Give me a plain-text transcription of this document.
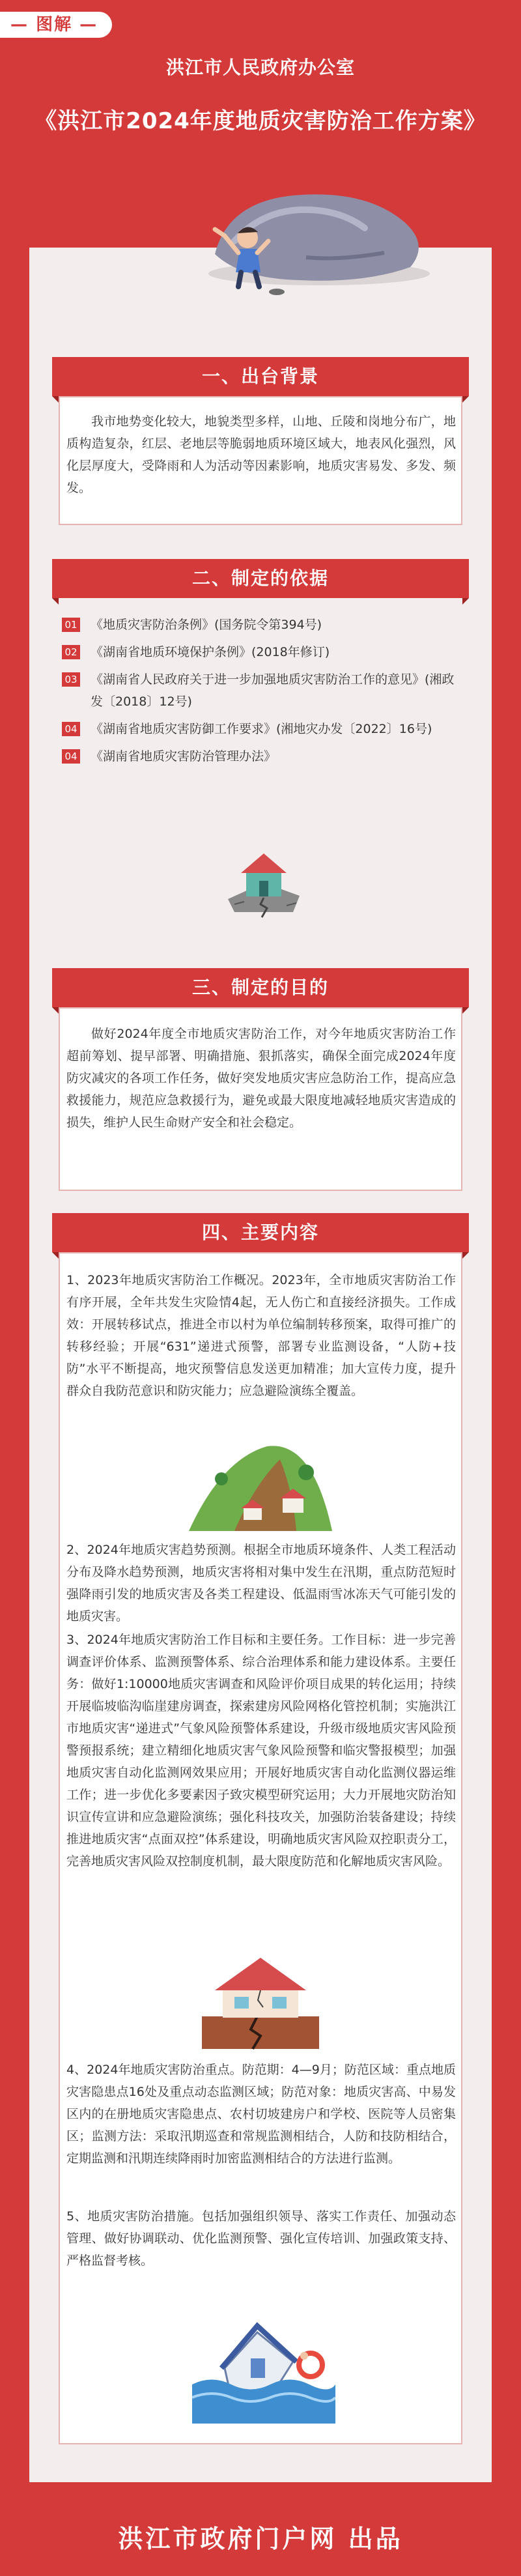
— 图解 —
洪江市人民政府办公室
《洪江市2024年度地质灾害防治工作方案》
一、出台背景
我市地势变化较大，地貌类型多样，山地、丘陵和岗地分布广，地质构造复杂，红层、老地层等脆弱地质环境区域大，地表风化强烈，风化层厚度大，受降雨和人为活动等因素影响，地质灾害易发、多发、频发。
二、制定的依据
01 《地质灾害防治条例》(国务院令第394号)
02 《湖南省地质环境保护条例》(2018年修订)
03 《湖南省人民政府关于进一步加强地质灾害防治工作的意见》(湘政发〔2018〕12号)
04 《湖南省地质灾害防御工作要求》(湘地灾办发〔2022〕16号)
04 《湖南省地质灾害防治管理办法》
三、制定的目的
做好2024年度全市地质灾害防治工作，对今年地质灾害防治工作超前筹划、提早部署、明确措施、狠抓落实，确保全面完成2024年度防灾减灾的各项工作任务，做好突发地质灾害应急防治工作，提高应急救援能力，规范应急救援行为，避免或最大限度地减轻地质灾害造成的损失，维护人民生命财产安全和社会稳定。
四、主要内容
1、2023年地质灾害防治工作概况。2023年，全市地质灾害防治工作有序开展，全年共发生灾险情4起，无人伤亡和直接经济损失。工作成效：开展转移试点，推进全市以村为单位编制转移预案，取得可推广的转移经验；开展“631”递进式预警，部署专业监测设备，“人防+技防”水平不断提高，地灾预警信息发送更加精准；加大宣传力度，提升群众自我防范意识和防灾能力；应急避险演练全覆盖。
2、2024年地质灾害趋势预测。根据全市地质环境条件、人类工程活动分布及降水趋势预测，地质灾害将相对集中发生在汛期，重点防范短时强降雨引发的地质灾害及各类工程建设、低温雨雪冰冻天气可能引发的地质灾害。
3、2024年地质灾害防治工作目标和主要任务。工作目标：进一步完善调查评价体系、监测预警体系、综合治理体系和能力建设体系。主要任务：做好1:10000地质灾害调查和风险评价项目成果的转化运用；持续开展临坡临沟临崖建房调查，探索建房风险网格化管控机制；实施洪江市地质灾害“递进式”气象风险预警体系建设，升级市级地质灾害风险预警预报系统；建立精细化地质灾害气象风险预警和临灾警报模型；加强地质灾害自动化监测网效果应用；开展好地质灾害自动化监测仪器运维工作；进一步优化多要素因子致灾模型研究运用；大力开展地灾防治知识宣传宣讲和应急避险演练；强化科技攻关，加强防治装备建设；持续推进地质灾害“点面双控”体系建设，明确地质灾害风险双控职责分工，完善地质灾害风险双控制度机制，最大限度防范和化解地质灾害风险。
4、2024年地质灾害防治重点。防范期：4—9月；防范区域：重点地质灾害隐患点16处及重点动态监测区域；防范对象：地质灾害高、中易发区内的在册地质灾害隐患点、农村切坡建房户和学校、医院等人员密集区；监测方法：采取汛期巡查和常规监测相结合，人防和技防相结合，定期监测和汛期连续降雨时加密监测相结合的方法进行监测。
5、地质灾害防治措施。包括加强组织领导、落实工作责任、加强动态管理、做好协调联动、优化监测预警、强化宣传培训、加强政策支持、严格监督考核。
洪江市政府门户网 出品
